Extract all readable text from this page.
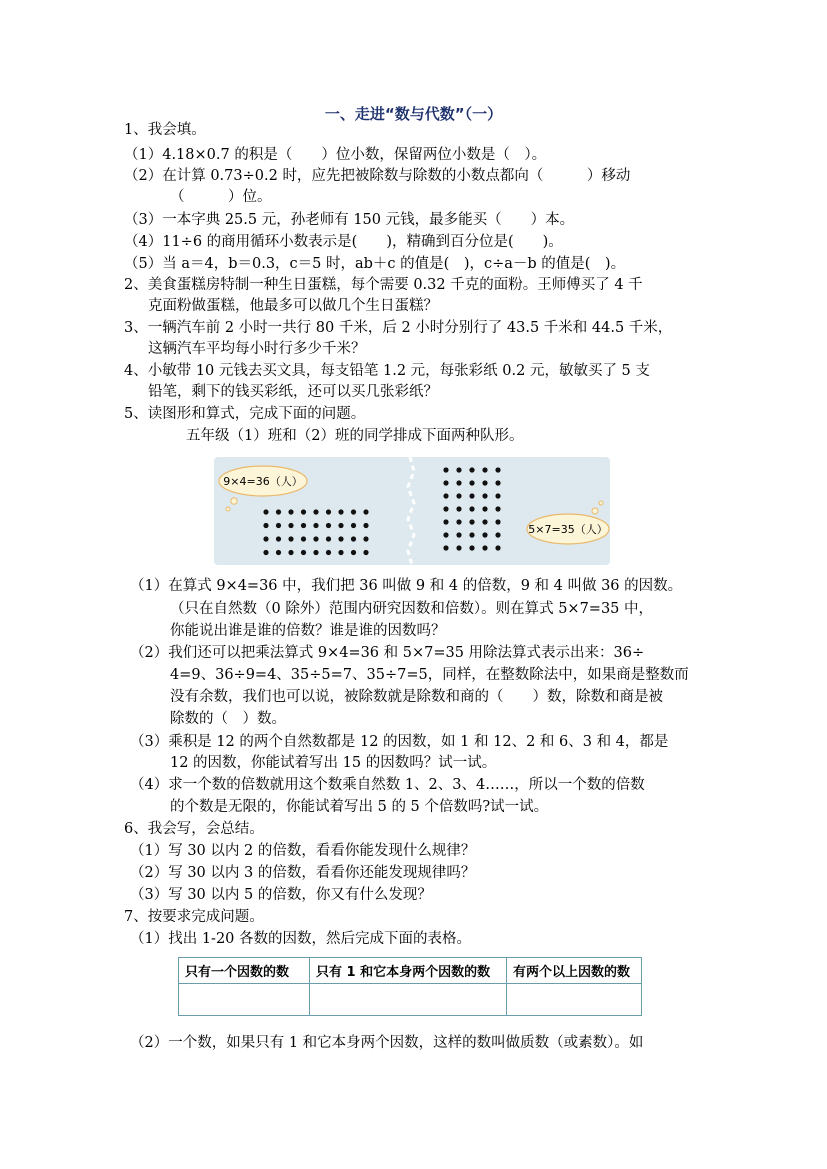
一、走进“数与代数”（一）
1、我会填。
（1）4.18×0.7 的积是（　　）位小数，保留两位小数是（　）。
（2）在计算 0.73÷0.2 时，应先把被除数与除数的小数点都向（　　　）移动
（　　　）位。
（3）一本字典 25.5 元，孙老师有 150 元钱，最多能买（　　）本。
（4）11÷6 的商用循环小数表示是(　　)，精确到百分位是(　　)。
（5）当 a＝4，b＝0.3，c＝5 时，ab＋c 的值是(　)，c÷a－b 的值是(　)。
2、美食蛋糕房特制一种生日蛋糕，每个需要 0.32 千克的面粉。王师傅买了 4 千
克面粉做蛋糕，他最多可以做几个生日蛋糕？
3、一辆汽车前 2 小时一共行 80 千米，后 2 小时分别行了 43.5 千米和 44.5 千米，
这辆汽车平均每小时行多少千米？
4、小敏带 10 元钱去买文具，每支铅笔 1.2 元，每张彩纸 0.2 元，敏敏买了 5 支
铅笔，剩下的钱买彩纸，还可以买几张彩纸？
5、读图形和算式，完成下面的问题。
五年级（1）班和（2）班的同学排成下面两种队形。
9×4=36（人）
5×7=35（人）
（1）在算式 9×4=36 中，我们把 36 叫做 9 和 4 的倍数，9 和 4 叫做 36 的因数。
（只在自然数（0 除外）范围内研究因数和倍数）。则在算式 5×7=35 中，
你能说出谁是谁的倍数？谁是谁的因数吗？
（2）我们还可以把乘法算式 9×4=36 和 5×7=35 用除法算式表示出来：36÷
4=9、36÷9=4、35÷5=7、35÷7=5，同样，在整数除法中，如果商是整数而
没有余数，我们也可以说，被除数就是除数和商的（　　）数，除数和商是被
除数的（　）数。
（3）乘积是 12 的两个自然数都是 12 的因数，如 1 和 12、2 和 6、3 和 4，都是
12 的因数，你能试着写出 15 的因数吗？试一试。
（4）求一个数的倍数就用这个数乘自然数 1、2、3、4……，所以一个数的倍数
的个数是无限的，你能试着写出 5 的 5 个倍数吗?试一试。
6、我会写，会总结。
（1）写 30 以内 2 的倍数，看看你能发现什么规律？
（2）写 30 以内 3 的倍数，看看你还能发现规律吗？
（3）写 30 以内 5 的倍数，你又有什么发现？
7、按要求完成问题。
（1）找出 1-20 各数的因数，然后完成下面的表格。
只有一个因数的数	只有 1 和它本身两个因数的数	有两个以上因数的数

（2）一个数，如果只有 1 和它本身两个因数，这样的数叫做质数（或素数）。如
